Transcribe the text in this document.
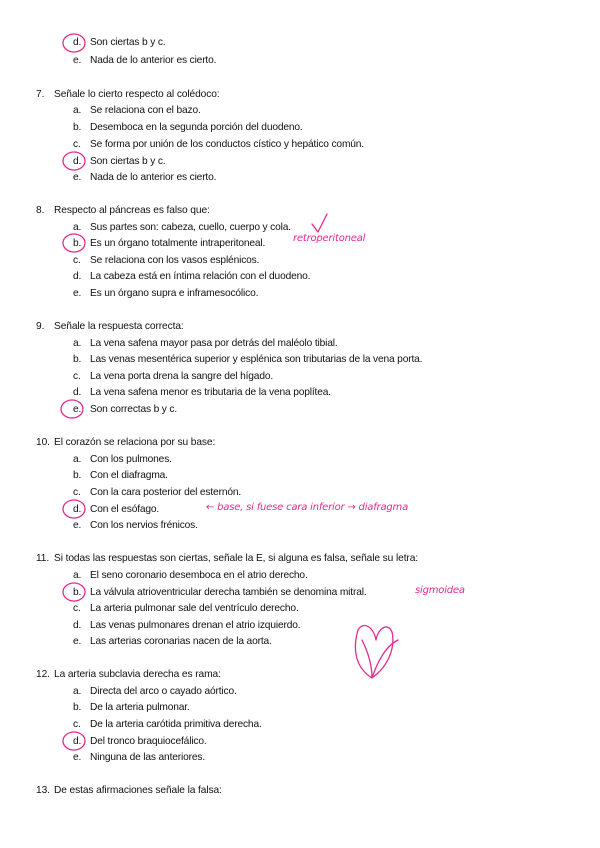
d. Son ciertas b y c.
e. Nada de lo anterior es cierto.
7. Señale lo cierto respecto al colédoco:
a. Se relaciona con el bazo.
b. Desemboca en la segunda porción del duodeno.
c. Se forma por unión de los conductos cístico y hepático común.
d. Son ciertas b y c.
e. Nada de lo anterior es cierto.
8. Respecto al páncreas es falso que:
a. Sus partes son: cabeza, cuello, cuerpo y cola.
b. Es un órgano totalmente intraperitoneal.
c. Se relaciona con los vasos esplénicos.
d. La cabeza está en íntima relación con el duodeno.
e. Es un órgano supra e inframesocólico.
9. Señale la respuesta correcta:
a. La vena safena mayor pasa por detrás del maléolo tibial.
b. Las venas mesentérica superior y esplénica son tributarias de la vena porta.
c. La vena porta drena la sangre del hígado.
d. La vena safena menor es tributaria de la vena poplítea.
e. Son correctas b y c.
10. El corazón se relaciona por su base:
a. Con los pulmones.
b. Con el diafragma.
c. Con la cara posterior del esternón.
d. Con el esófago.
e. Con los nervios frénicos.
11. Si todas las respuestas son ciertas, señale la E, si alguna es falsa, señale su letra:
a. El seno coronario desemboca en el atrio derecho.
b. La válvula atrioventricular derecha también se denomina mitral.
c. La arteria pulmonar sale del ventrículo derecho.
d. Las venas pulmonares drenan el atrio izquierdo.
e. Las arterias coronarias nacen de la aorta.
12. La arteria subclavia derecha es rama:
a. Directa del arco o cayado aórtico.
b. De la arteria pulmonar.
c. De la arteria carótida primitiva derecha.
d. Del tronco braquiocefálico.
e. Ninguna de las anteriores.
13. De estas afirmaciones señale la falsa:
retroperitoneal
← base, si fuese cara inferior → diafragma
sigmoidea
